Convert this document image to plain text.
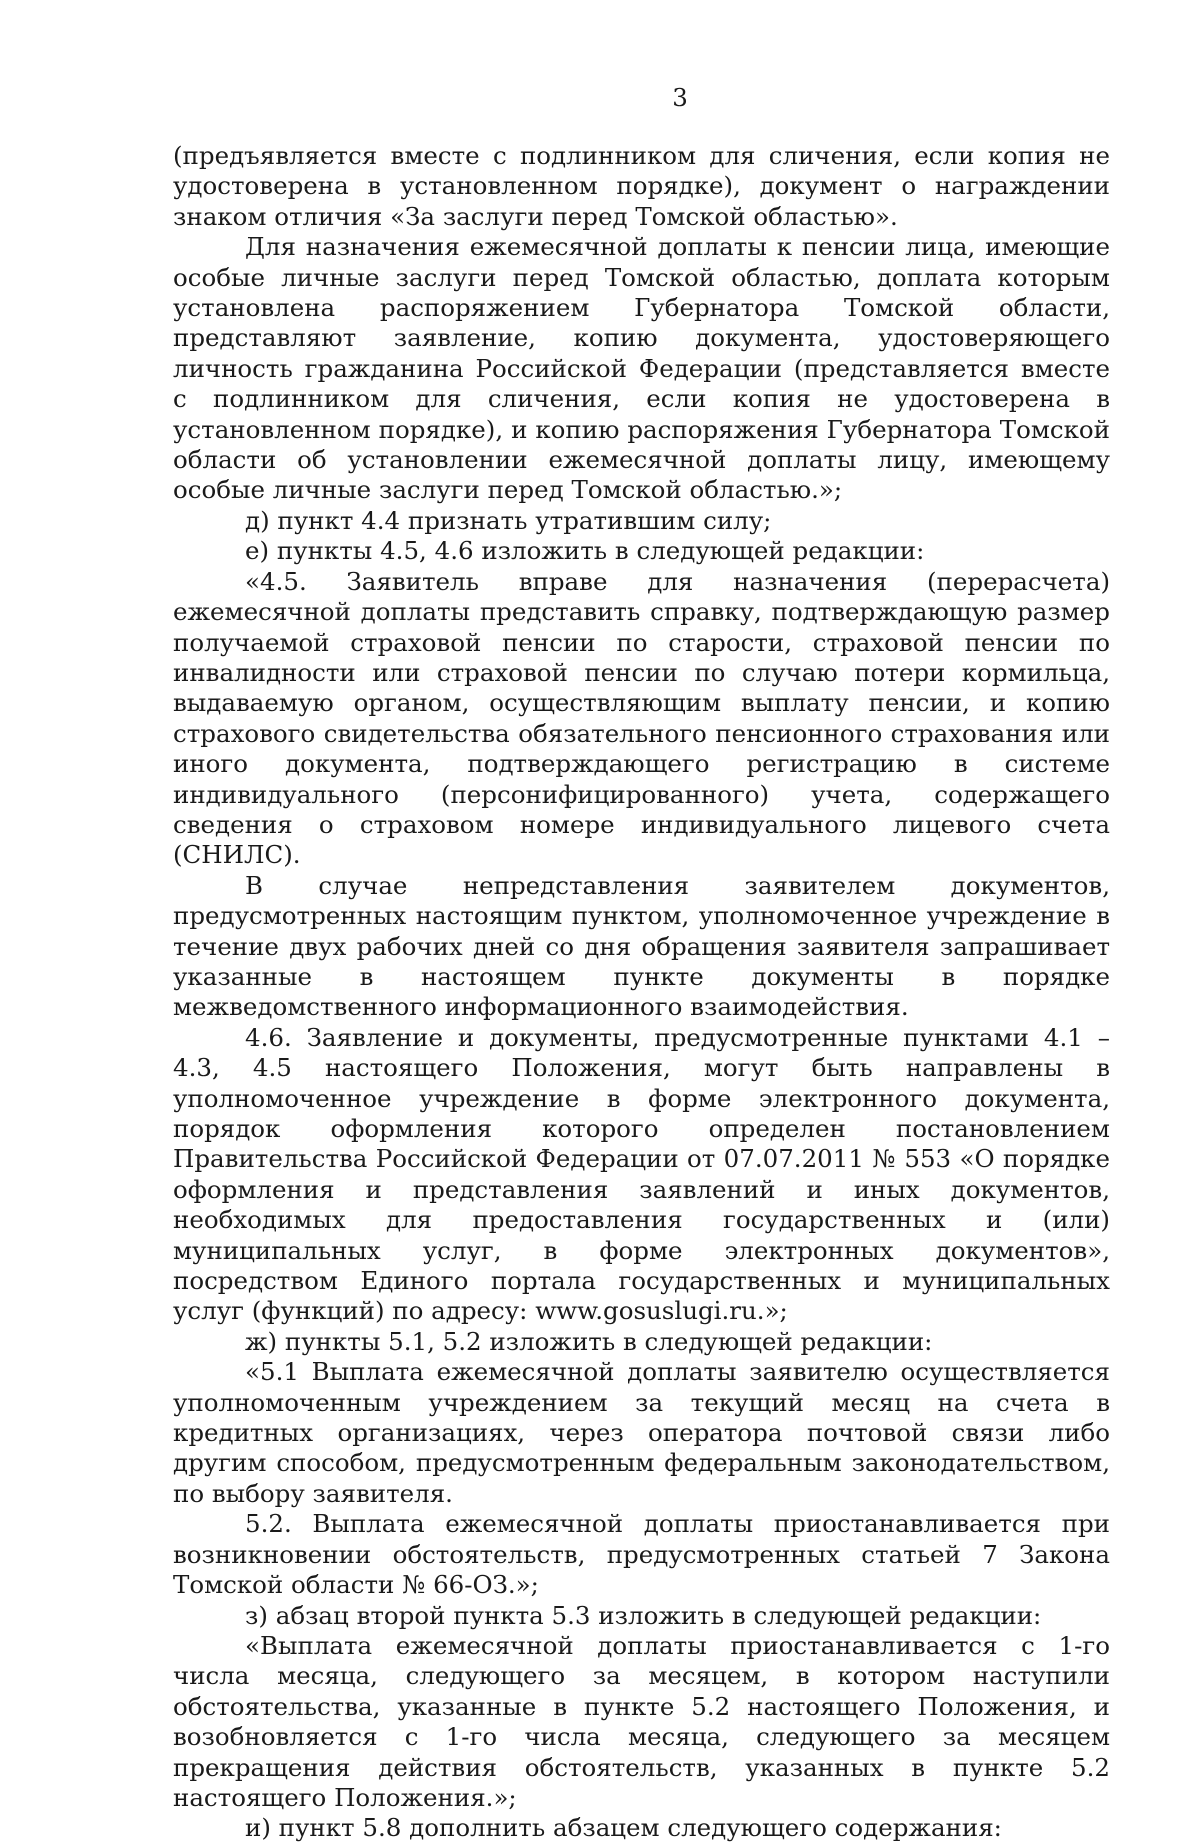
3

(предъявляется вместе с подлинником для сличения, если копия не удостоверена в установленном порядке), документ о награждении знаком отличия «За заслуги перед Томской областью».

Для назначения ежемесячной доплаты к пенсии лица, имеющие особые личные заслуги перед Томской областью, доплата которым установлена распоряжением Губернатора Томской области, представляют заявление, копию документа, удостоверяющего личность гражданина Российской Федерации (представляется вместе с подлинником для сличения, если копия не удостоверена в установленном порядке), и копию распоряжения Губернатора Томской области об установлении ежемесячной доплаты лицу, имеющему особые личные заслуги перед Томской областью.»;

д) пункт 4.4 признать утратившим силу;

е) пункты 4.5, 4.6 изложить в следующей редакции:

«4.5. Заявитель вправе для назначения (перерасчета) ежемесячной доплаты представить справку, подтверждающую размер получаемой страховой пенсии по старости, страховой пенсии по инвалидности или страховой пенсии по случаю потери кормильца, выдаваемую органом, осуществляющим выплату пенсии, и копию страхового свидетельства обязательного пенсионного страхования или иного документа, подтверждающего регистрацию в системе индивидуального (персонифицированного) учета, содержащего сведения о страховом номере индивидуального лицевого счета (СНИЛС).

В случае непредставления заявителем документов, предусмотренных настоящим пунктом, уполномоченное учреждение в течение двух рабочих дней со дня обращения заявителя запрашивает указанные в настоящем пункте документы в порядке межведомственного информационного взаимодействия.

4.6. Заявление и документы, предусмотренные пунктами 4.1 – 4.3, 4.5 настоящего Положения, могут быть направлены в уполномоченное учреждение в форме электронного документа, порядок оформления которого определен постановлением Правительства Российской Федерации от 07.07.2011 № 553 «О порядке оформления и представления заявлений и иных документов, необходимых для предоставления государственных и (или) муниципальных услуг, в форме электронных документов», посредством Единого портала государственных и муниципальных услуг (функций) по адресу: www.gosuslugi.ru.»;

ж) пункты 5.1, 5.2 изложить в следующей редакции:

«5.1 Выплата ежемесячной доплаты заявителю осуществляется уполномоченным учреждением за текущий месяц на счета в кредитных организациях, через оператора почтовой связи либо другим способом, предусмотренным федеральным законодательством, по выбору заявителя.

5.2. Выплата ежемесячной доплаты приостанавливается при возникновении обстоятельств, предусмотренных статьей 7 Закона Томской области № 66-ОЗ.»;

з) абзац второй пункта 5.3 изложить в следующей редакции:

«Выплата ежемесячной доплаты приостанавливается с 1-го числа месяца, следующего за месяцем, в котором наступили обстоятельства, указанные в пункте 5.2 настоящего Положения, и возобновляется с 1-го числа месяца, следующего за месяцем прекращения действия обстоятельств, указанных в пункте 5.2 настоящего Положения.»;

и) пункт 5.8 дополнить абзацем следующего содержания:
